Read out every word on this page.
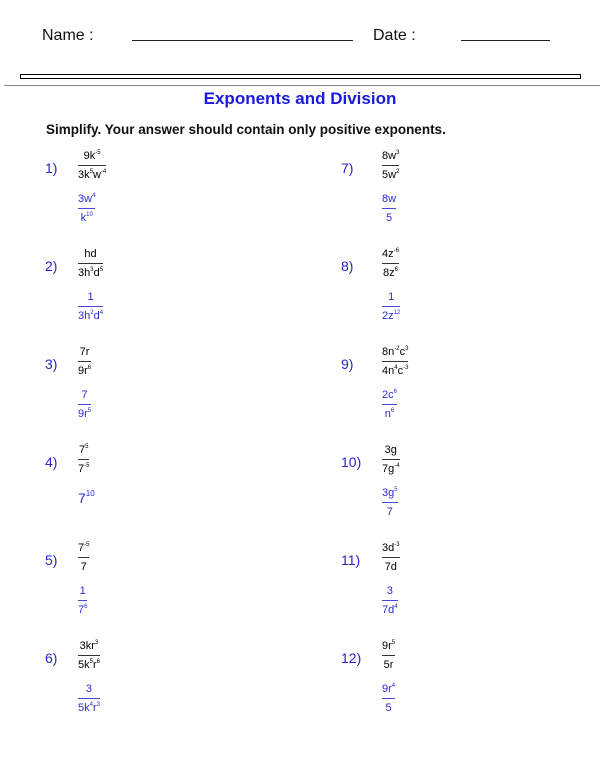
Name :	Date :
Exponents and Division
Simplify. Your answer should contain only positive exponents.
1)
$9k^{-5}$
$3k^5w^{-4}$
$3w^4$
$k^{10}$
2)
hd
$3h^3d^5$
1
$3h^2d^4$
3)
7r
$9r^6$
7
$9r^5$
4)
$7^5$
$7^{-5}$
$7^{10}$
5)
$7^{-5}$
7
1
$7^6$
6)
$3kr^3$
$5k^5r^6$
3
$5k^4r^3$
7)
$8w^3$
$5w^2$
8w
5
8)
$4z^{-6}$
$8z^6$
1
$2z^{12}$
9)
$8n^{-2}c^3$
$4n^4c^{-3}$
$2c^6$
$n^6$
10)
3g
$7g^{-4}$
$3g^5$
7
11)
$3d^{-3}$
7d
3
$7d^4$
12)
$9r^5$
5r
$9r^4$
5
